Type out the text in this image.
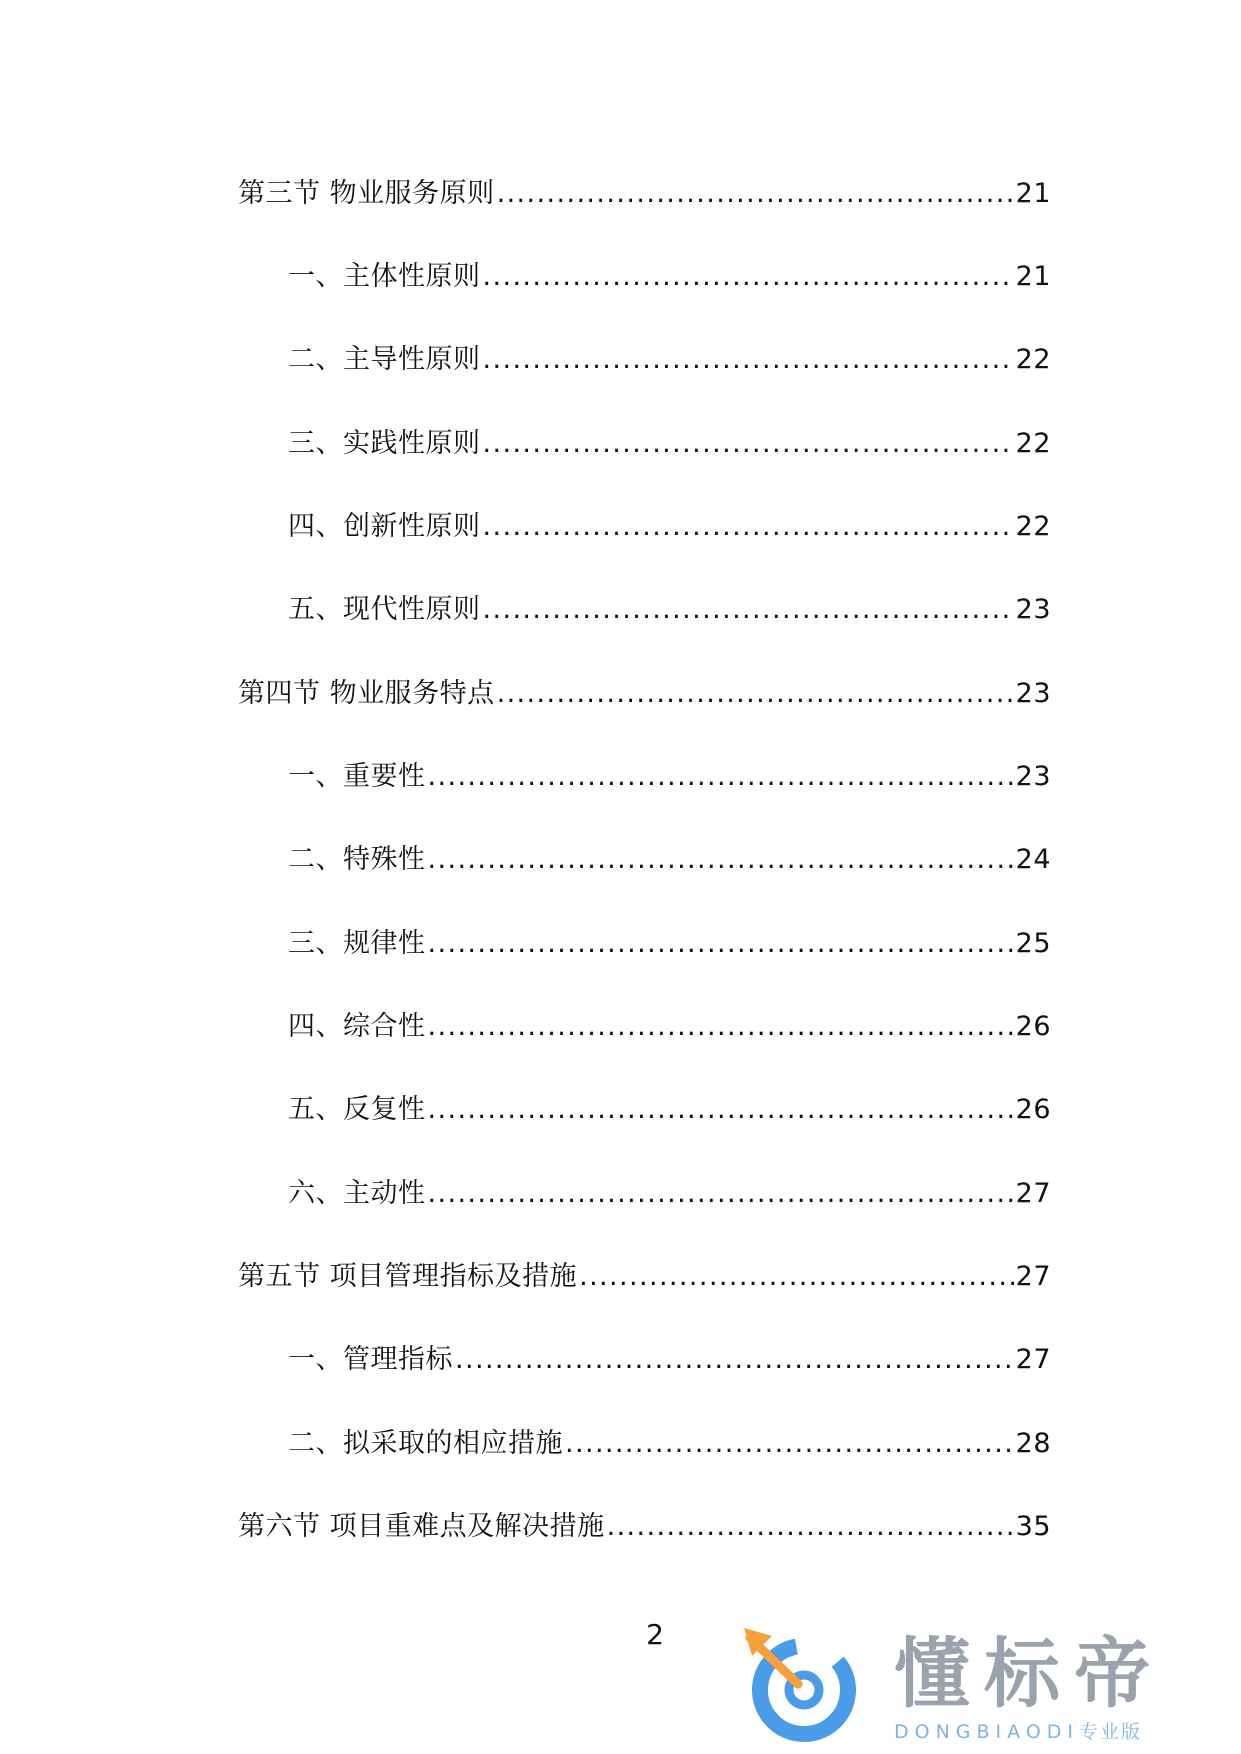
第三节 物业服务原则 .....	21
一、主体性原则 .....	21
二、主导性原则 .....	22
三、实践性原则 .....	22
四、创新性原则 .....	22
五、现代性原则 .....	23
第四节 物业服务特点 .....	23
一、重要性 .....	23
二、特殊性 .....	24
三、规律性 .....	25
四、综合性 .....	26
五、反复性 .....	26
六、主动性 .....	27
第五节 项目管理指标及措施 .....	27
一、管理指标 .....	27
二、拟采取的相应措施 .....	28
第六节 项目重难点及解决措施 .....	35
2	懂标帝
DONGBIAODI专业版
